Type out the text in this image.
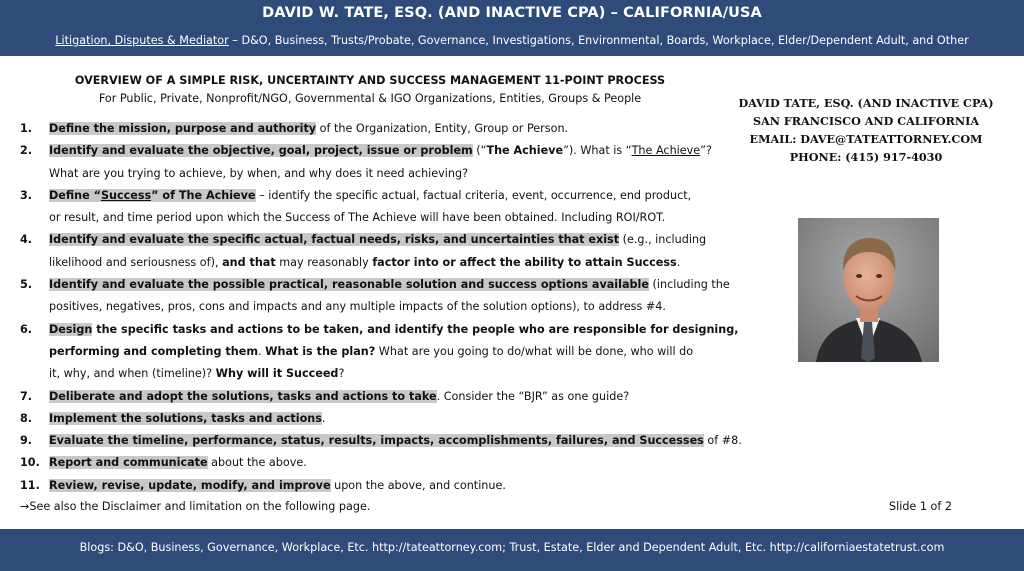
DAVID W. TATE, ESQ. (AND INACTIVE CPA) – CALIFORNIA/USA
Litigation, Disputes & Mediator – D&O, Business, Trusts/Probate, Governance, Investigations, Environmental, Boards, Workplace, Elder/Dependent Adult, and Other
OVERVIEW OF A SIMPLE RISK, UNCERTAINTY AND SUCCESS MANAGEMENT 11-POINT PROCESS
For Public, Private, Nonprofit/NGO, Governmental & IGO Organizations, Entities, Groups & People
1. Define the mission, purpose and authority of the Organization, Entity, Group or Person.
2. Identify and evaluate the objective, goal, project, issue or problem (“The Achieve”). What is “The Achieve”?
What are you trying to achieve, by when, and why does it need achieving?
3. Define “Success” of The Achieve – identify the specific actual, factual criteria, event, occurrence, end product,
or result, and time period upon which the Success of The Achieve will have been obtained. Including ROI/ROT.
4. Identify and evaluate the specific actual, factual needs, risks, and uncertainties that exist (e.g., including
likelihood and seriousness of), and that may reasonably factor into or affect the ability to attain Success.
5. Identify and evaluate the possible practical, reasonable solution and success options available (including the
positives, negatives, pros, cons and impacts and any multiple impacts of the solution options), to address #4.
6. Design the specific tasks and actions to be taken, and identify the people who are responsible for designing,
performing and completing them. What is the plan? What are you going to do/what will be done, who will do
it, why, and when (timeline)? Why will it Succeed?
7. Deliberate and adopt the solutions, tasks and actions to take. Consider the “BJR” as one guide?
8. Implement the solutions, tasks and actions.
9. Evaluate the timeline, performance, status, results, impacts, accomplishments, failures, and Successes of #8.
10. Report and communicate about the above.
11. Review, revise, update, modify, and improve upon the above, and continue.
→See also the Disclaimer and limitation on the following page.	Slide 1 of 2
DAVID TATE, ESQ. (AND INACTIVE CPA)
SAN FRANCISCO AND CALIFORNIA
EMAIL: DAVE@TATEATTORNEY.COM
PHONE: (415) 917-4030
Blogs: D&O, Business, Governance, Workplace, Etc. http://tateattorney.com; Trust, Estate, Elder and Dependent Adult, Etc. http://californiaestatetrust.com
